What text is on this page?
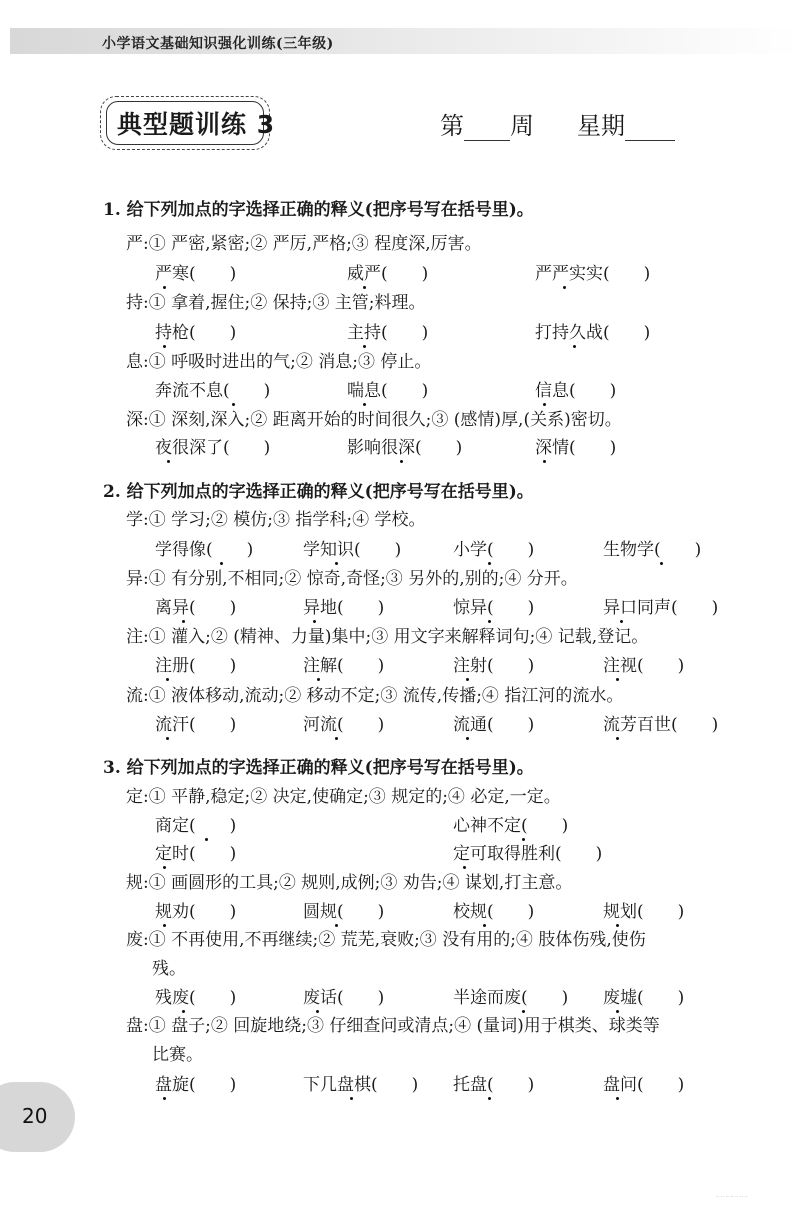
小学语文基础知识强化训练(三年级)
典型题训练 3	第 周 星期
1. 给下列加点的字选择正确的释义(把序号写在括号里)。
严:① 严密,紧密;② 严厉,严格;③ 程度深,厉害。
严寒(　　)	威严(　　)	严严实实(　　)
持:① 拿着,握住;② 保持;③ 主管;料理。
持枪(　　)	主持(　　)	打持久战(　　)
息:① 呼吸时进出的气;② 消息;③ 停止。
奔流不息(　　)	喘息(　　)	信息(　　)
深:① 深刻,深入;② 距离开始的时间很久;③ (感情)厚,(关系)密切。
夜很深了(　　)	影响很深(　　)	深情(　　)
2. 给下列加点的字选择正确的释义(把序号写在括号里)。
学:① 学习;② 模仿;③ 指学科;④ 学校。
学得像(　　)	学知识(　　)	小学(　　)	生物学(　　)
异:① 有分别,不相同;② 惊奇,奇怪;③ 另外的,别的;④ 分开。
离异(　　)	异地(　　)	惊异(　　)	异口同声(　　)
注:① 灌入;② (精神、力量)集中;③ 用文字来解释词句;④ 记载,登记。
注册(　　)	注解(　　)	注射(　　)	注视(　　)
流:① 液体移动,流动;② 移动不定;③ 流传,传播;④ 指江河的流水。
流汗(　　)	河流(　　)	流通(　　)	流芳百世(　　)
3. 给下列加点的字选择正确的释义(把序号写在括号里)。
定:① 平静,稳定;② 决定,使确定;③ 规定的;④ 必定,一定。
商定(　　)	心神不定(　　)
定时(　　)	定可取得胜利(　　)
规:① 画圆形的工具;② 规则,成例;③ 劝告;④ 谋划,打主意。
规劝(　　)	圆规(　　)	校规(　　)	规划(　　)
废:① 不再使用,不再继续;② 荒芜,衰败;③ 没有用的;④ 肢体伤残,使伤
残。
残废(　　)	废话(　　)	半途而废(　　) 废墟(　　)
盘:① 盘子;② 回旋地绕;③ 仔细查问或清点;④ (量词)用于棋类、球类等
比赛。
盘旋(　　)	下几盘棋(　　) 托盘(　　)	盘问(　　)
20
·· ·· ·· ·· ·· ·· ··
